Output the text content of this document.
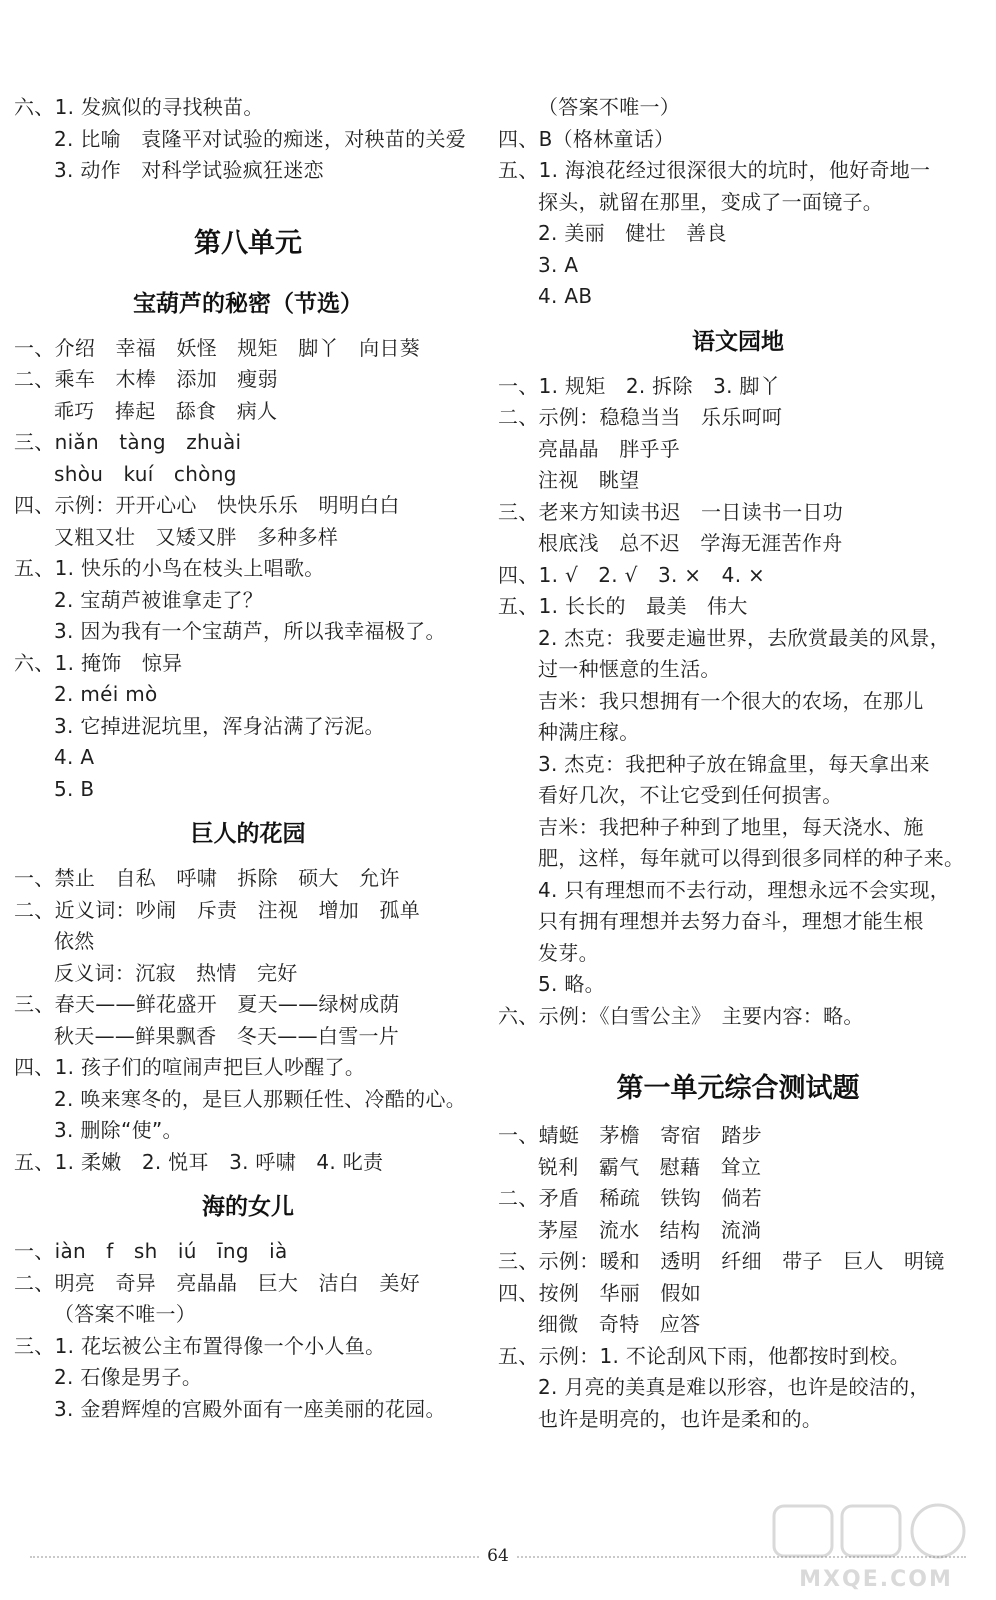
六、1. 发疯似的寻找秧苗。
2. 比喻　袁隆平对试验的痴迷，对秧苗的关爱
3. 动作　对科学试验疯狂迷恋
第八单元
宝葫芦的秘密（节选）
一、介绍　幸福　妖怪　规矩　脚丫　向日葵
二、乘车　木棒　添加　瘦弱
乖巧　捧起　舔食　病人
三、niǎn　tàng　zhuài
shòu　kuí　chòng
四、示例：开开心心　快快乐乐　明明白白
又粗又壮　又矮又胖　多种多样
五、1. 快乐的小鸟在枝头上唱歌。
2. 宝葫芦被谁拿走了？
3. 因为我有一个宝葫芦，所以我幸福极了。
六、1. 掩饰　惊异
2. méi mò
3. 它掉进泥坑里，浑身沾满了污泥。
4. A
5. B
巨人的花园
一、禁止　自私　呼啸　拆除　硕大　允许
二、近义词：吵闹　斥责　注视　增加　孤单
依然
反义词：沉寂　热情　完好
三、春天——鲜花盛开　夏天——绿树成荫
秋天——鲜果飘香　冬天——白雪一片
四、1. 孩子们的喧闹声把巨人吵醒了。
2. 唤来寒冬的，是巨人那颗任性、冷酷的心。
3. 删除“使”。
五、1. 柔嫩　2. 悦耳　3. 呼啸　4. 叱责
海的女儿
一、iàn　f　sh　iú　īng　ià
二、明亮　奇异　亮晶晶　巨大　洁白　美好
（答案不唯一）
三、1. 花坛被公主布置得像一个小人鱼。
2. 石像是男子。
3. 金碧辉煌的宫殿外面有一座美丽的花园。
（答案不唯一）
四、B（格林童话）
五、1. 海浪花经过很深很大的坑时，他好奇地一
探头，就留在那里，变成了一面镜子。
2. 美丽　健壮　善良
3. A
4. AB
语文园地
一、1. 规矩　2. 拆除　3. 脚丫
二、示例：稳稳当当　乐乐呵呵
亮晶晶　胖乎乎
注视　眺望
三、老来方知读书迟　一日读书一日功
根底浅　总不迟　学海无涯苦作舟
四、1. √　2. √　3. ×　4. ×
五、1. 长长的　最美　伟大
2. 杰克：我要走遍世界，去欣赏最美的风景，
过一种惬意的生活。
吉米：我只想拥有一个很大的农场，在那儿
种满庄稼。
3. 杰克：我把种子放在锦盒里，每天拿出来
看好几次，不让它受到任何损害。
吉米：我把种子种到了地里，每天浇水、施
肥，这样，每年就可以得到很多同样的种子来。
4. 只有理想而不去行动，理想永远不会实现，
只有拥有理想并去努力奋斗，理想才能生根
发芽。
5. 略。
六、示例：《白雪公主》　主要内容：略。
第一单元综合测试题
一、蜻蜓　茅檐　寄宿　踏步
锐利　霸气　慰藉　耸立
二、矛盾　稀疏　铁钩　倘若
茅屋　流水　结构　流淌
三、示例：暖和　透明　纤细　带子　巨人　明镜
四、按例　华丽　假如
细微　奇特　应答
五、示例：1. 不论刮风下雨，他都按时到校。
2. 月亮的美真是难以形容，也许是皎洁的，
也许是明亮的，也许是柔和的。
64
MXQE.COM
